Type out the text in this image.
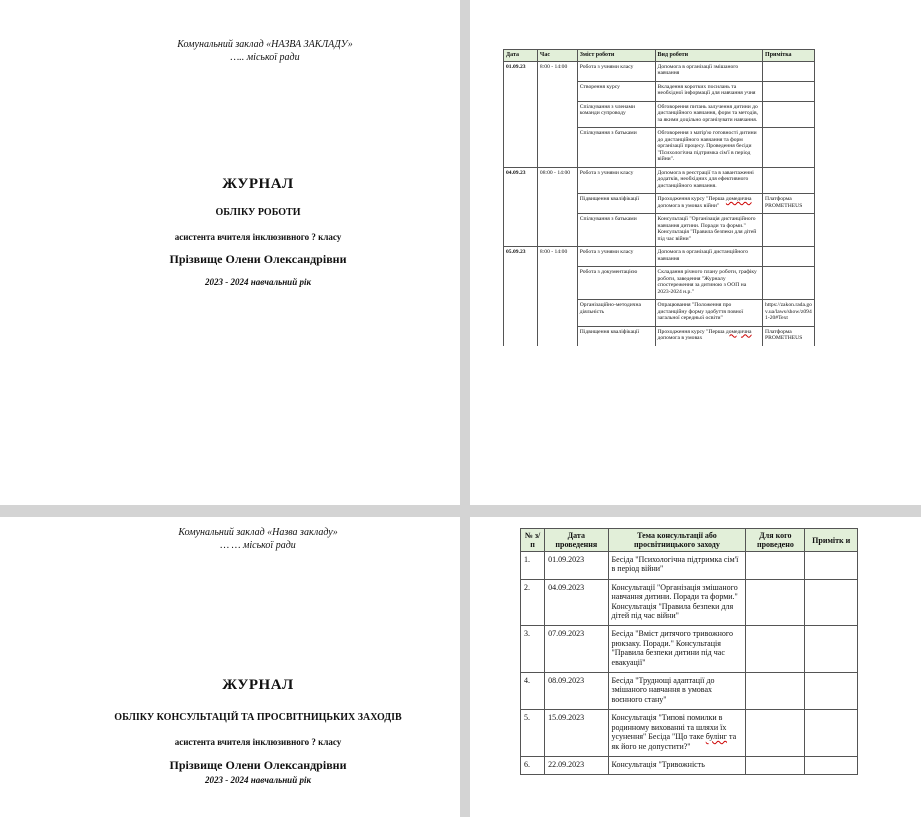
Комунальний заклад «НАЗВА ЗАКЛАДУ»
….. міської ради
ЖУРНАЛ
ОБЛІКУ РОБОТИ
асистента вчителя інклюзивного ? класу
Прізвище Олени Олександрівни
2023 - 2024 навчальний рік
Дата	Час	Зміст роботи	Вид роботи	Примітка
01.09.23	8:00 - 14:00	Робота з учнями класу	Допомога в організації змішаного навчання	
		Створення курсу	Вкладення коротких посилань та необхідної інформації для навчання учня	
		Спілкування з членами команди супроводу	Обговорення питань залучення дитини до дистанційного навчання, форм та методів, за якими доцільно організувати навчання.	
		Спілкування з батьками	Обговорення з матір'ю готовності дитини до дистанційного навчання та форм організації процесу. Проведення бесіди "Психологічна підтримка сім'ї в період війни".	
04.09.23	08:00 - 14:00	Робота з учнями класу	Допомога в реєстрації та в завантаженні додатків, необхідних для ефективного дистанційного навчання.	
		Підвищення кваліфікації	Проходження курсу "Перша домедична допомога в умовах війни"	Платформа PROMETHEUS
		Спілкування з батьками	Консультації "Організація дистанційного навчання дитини. Поради та форми." Консультація "Правила безпеки для дітей під час війни"	
05.09.23	8:00 - 14:00	Робота з учнями класу	Допомога в організації дистанційного навчання	
		Робота з документацією	Складання річного плану роботи, графіку роботи, заведення "Журналу спостереження за дитиною з ООП на 2023-2024 н.р."	
		Організаційно-методична діяльність	Опрацювання "Положення про дистанційну форму здобуття повної загальної середньої освіти"	https://zakon.rada.gov.ua/laws/show/z0941-20#Text
		Підвищення кваліфікації	Проходження курсу "Перша домедична допомога в умовах	Платформа PROMETHEUS
Комунальний заклад «Назва закладу»
… … міської ради
ЖУРНАЛ
ОБЛІКУ КОНСУЛЬТАЦІЙ ТА ПРОСВІТНИЦЬКИХ ЗАХОДІВ
асистента вчителя інклюзивного ? класу
Прізвище Олени Олександрівни
2023 - 2024 навчальний рік
№ з/п	Дата проведення	Тема консультації або просвітницького заходу	Для кого проведено	Примітк и
1.	01.09.2023	Бесіда "Психологічна підтримка сім'ї в період війни"		
2.	04.09.2023	Консультації "Організація змішаного навчання дитини. Поради та форми." Консультація "Правила безпеки для дітей під час війни"		
3.	07.09.2023	Бесіда "Вміст дитячого тривожного рюкзаку. Поради." Консультація "Правила безпеки дитини під час евакуації"		
4.	08.09.2023	Бесіда "Труднощі адаптації до змішаного навчання в умовах воєнного стану"		
5.	15.09.2023	Консультація "Типові помилки в родинному вихованні та шляхи їх усунення" Бесіда "Що таке булінг та як його не допустити?"		
6.	22.09.2023	Консультація "Тривожність		
